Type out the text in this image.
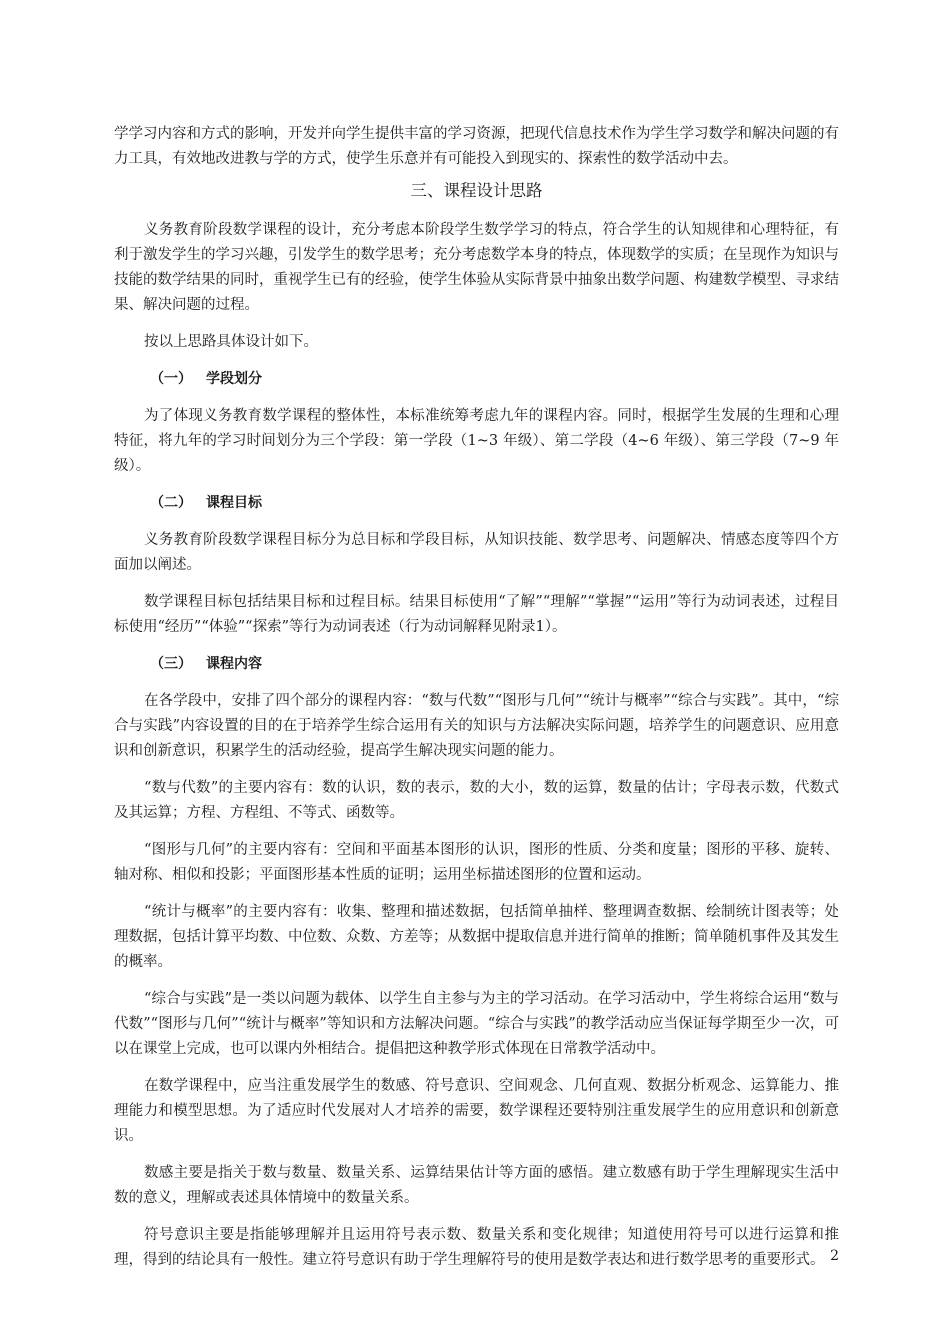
学学习内容和方式的影响，开发并向学生提供丰富的学习资源，把现代信息技术作为学生学习数学和解决问题的有力工具，有效地改进教与学的方式，使学生乐意并有可能投入到现实的、探索性的数学活动中去。

三、课程设计思路

义务教育阶段数学课程的设计，充分考虑本阶段学生数学学习的特点，符合学生的认知规律和心理特征，有利于激发学生的学习兴趣，引发学生的数学思考；充分考虑数学本身的特点，体现数学的实质；在呈现作为知识与技能的数学结果的同时，重视学生已有的经验，使学生体验从实际背景中抽象出数学问题、构建数学模型、寻求结果、解决问题的过程。

按以上思路具体设计如下。

（一） 学段划分

为了体现义务教育数学课程的整体性，本标准统筹考虑九年的课程内容。同时，根据学生发展的生理和心理特征，将九年的学习时间划分为三个学段：第一学段（1~3 年级）、第二学段（4~6 年级）、第三学段（7~9 年级）。

（二） 课程目标

义务教育阶段数学课程目标分为总目标和学段目标，从知识技能、数学思考、问题解决、情感态度等四个方面加以阐述。

数学课程目标包括结果目标和过程目标。结果目标使用“了解”“理解”“掌握”“运用”等行为动词表述，过程目标使用“经历”“体验”“探索”等行为动词表述（行为动词解释见附录1）。

（三） 课程内容

在各学段中，安排了四个部分的课程内容：“数与代数”“图形与几何”“统计与概率”“综合与实践”。其中，“综合与实践”内容设置的目的在于培养学生综合运用有关的知识与方法解决实际问题，培养学生的问题意识、应用意识和创新意识，积累学生的活动经验，提高学生解决现实问题的能力。

“数与代数”的主要内容有：数的认识，数的表示，数的大小，数的运算，数量的估计；字母表示数，代数式及其运算；方程、方程组、不等式、函数等。

“图形与几何”的主要内容有：空间和平面基本图形的认识，图形的性质、分类和度量；图形的平移、旋转、轴对称、相似和投影；平面图形基本性质的证明；运用坐标描述图形的位置和运动。

“统计与概率”的主要内容有：收集、整理和描述数据，包括简单抽样、整理调查数据、绘制统计图表等；处理数据，包括计算平均数、中位数、众数、方差等；从数据中提取信息并进行简单的推断；简单随机事件及其发生的概率。

“综合与实践”是一类以问题为载体、以学生自主参与为主的学习活动。在学习活动中，学生将综合运用“数与代数”“图形与几何”“统计与概率”等知识和方法解决问题。“综合与实践”的教学活动应当保证每学期至少一次，可以在课堂上完成，也可以课内外相结合。提倡把这种教学形式体现在日常教学活动中。

在数学课程中，应当注重发展学生的数感、符号意识、空间观念、几何直观、数据分析观念、运算能力、推理能力和模型思想。为了适应时代发展对人才培养的需要，数学课程还要特别注重发展学生的应用意识和创新意识。

数感主要是指关于数与数量、数量关系、运算结果估计等方面的感悟。建立数感有助于学生理解现实生活中数的意义，理解或表述具体情境中的数量关系。

符号意识主要是指能够理解并且运用符号表示数、数量关系和变化规律；知道使用符号可以进行运算和推理，得到的结论具有一般性。建立符号意识有助于学生理解符号的使用是数学表达和进行数学思考的重要形式。 2
